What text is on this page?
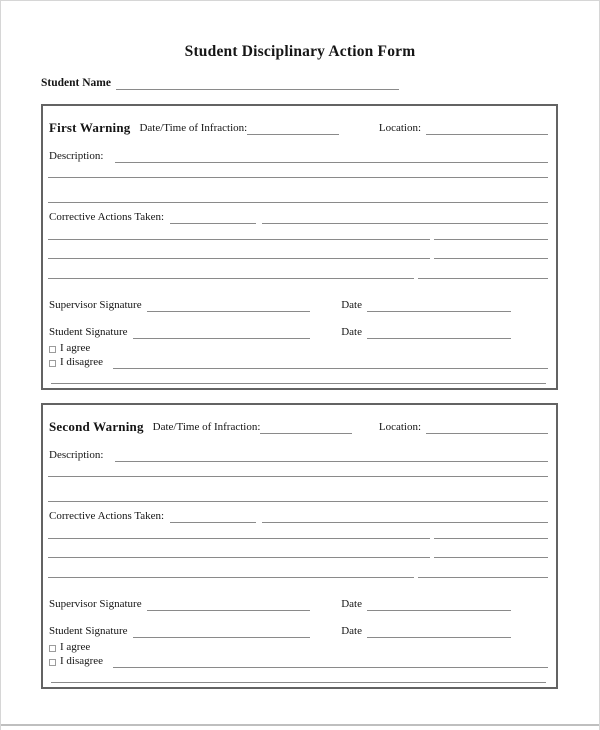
Student Disciplinary Action Form
Student Name
First Warning Date/Time of Infraction:	Location:
Description:
Corrective Actions Taken:
Supervisor Signature	Date
Student Signature	Date
I agree
I disagree
Second Warning Date/Time of Infraction:	Location:
Description:
Corrective Actions Taken:
Supervisor Signature	Date
Student Signature	Date
I agree
I disagree
